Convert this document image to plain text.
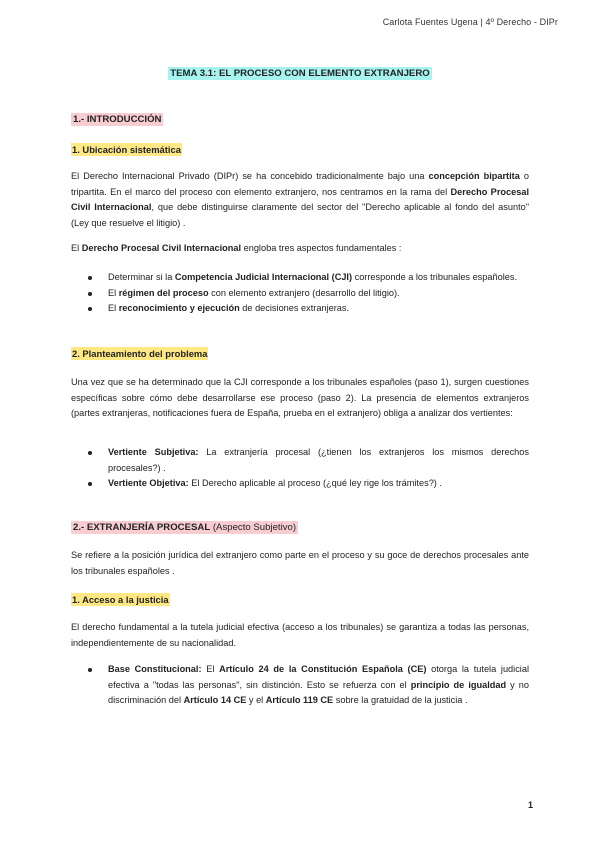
Carlota Fuentes Ugena | 4º Derecho - DIPr
TEMA 3.1: EL PROCESO CON ELEMENTO EXTRANJERO
1.- INTRODUCCIÓN
1. Ubicación sistemática
El Derecho Internacional Privado (DIPr) se ha concebido tradicionalmente bajo una concepción bipartita o tripartita. En el marco del proceso con elemento extranjero, nos centramos en la rama del Derecho Procesal Civil Internacional, que debe distinguirse claramente del sector del "Derecho aplicable al fondo del asunto" (Ley que resuelve el litigio) .
El Derecho Procesal Civil Internacional engloba tres aspectos fundamentales :
Determinar si la Competencia Judicial Internacional (CJI) corresponde a los tribunales españoles.
El régimen del proceso con elemento extranjero (desarrollo del litigio).
El reconocimiento y ejecución de decisiones extranjeras.
2. Planteamiento del problema
Una vez que se ha determinado que la CJI corresponde a los tribunales españoles (paso 1), surgen cuestiones específicas sobre cómo debe desarrollarse ese proceso (paso 2). La presencia de elementos extranjeros (partes extranjeras, notificaciones fuera de España, prueba en el extranjero) obliga a analizar dos vertientes:
Vertiente Subjetiva: La extranjería procesal (¿tienen los extranjeros los mismos derechos procesales?) .
Vertiente Objetiva: El Derecho aplicable al proceso (¿qué ley rige los trámites?) .
2.- EXTRANJERÍA PROCESAL (Aspecto Subjetivo)
Se refiere a la posición jurídica del extranjero como parte en el proceso y su goce de derechos procesales ante los tribunales españoles .
1. Acceso a la justicia
El derecho fundamental a la tutela judicial efectiva (acceso a los tribunales) se garantiza a todas las personas, independientemente de su nacionalidad.
Base Constitucional: El Artículo 24 de la Constitución Española (CE) otorga la tutela judicial efectiva a "todas las personas", sin distinción. Esto se refuerza con el principio de igualdad y no discriminación del Artículo 14 CE y el Artículo 119 CE sobre la gratuidad de la justicia .
1
